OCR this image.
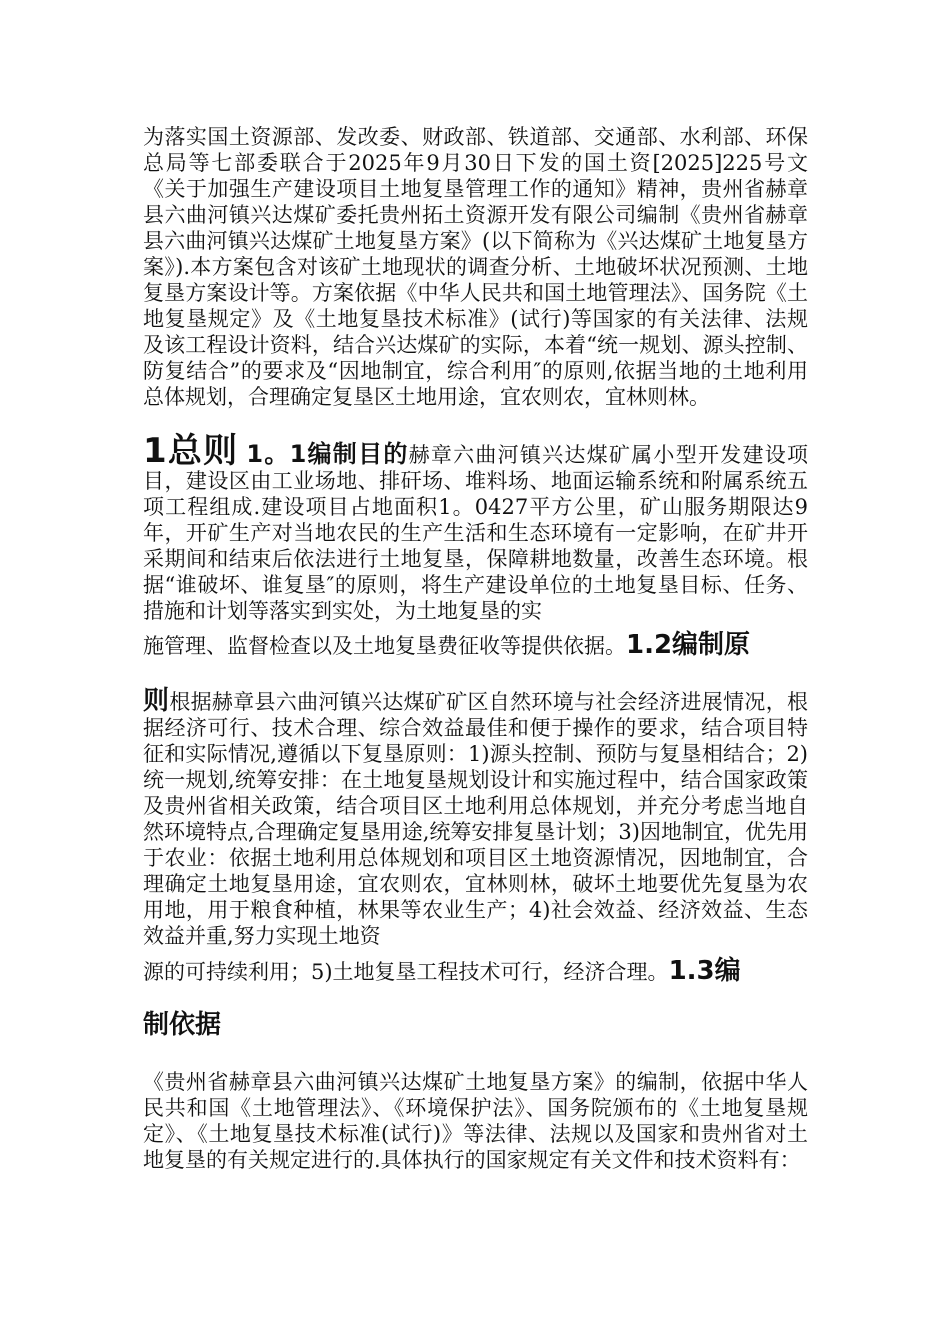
为落实国土资源部、发改委、财政部、铁道部、交通部、水利部、环保总局等七部委联合于2025年9月30日下发的国土资[2025]225号文《关于加强生产建设项目土地复垦管理工作的通知》精神，贵州省赫章县六曲河镇兴达煤矿委托贵州拓土资源开发有限公司编制《贵州省赫章县六曲河镇兴达煤矿土地复垦方案》(以下简称为《兴达煤矿土地复垦方案》).本方案包含对该矿土地现状的调查分析、土地破坏状况预测、土地复垦方案设计等。方案依据《中华人民共和国土地管理法》、国务院《土地复垦规定》及《土地复垦技术标准》(试行)等国家的有关法律、法规及该工程设计资料，结合兴达煤矿的实际，本着“统一规划、源头控制、防复结合”的要求及“因地制宜，综合利用″的原则,依据当地的土地利用总体规划，合理确定复垦区土地用途，宜农则农，宜林则林。

1总则 1。1编制目的赫章六曲河镇兴达煤矿属小型开发建设项目，建设区由工业场地、排矸场、堆料场、地面运输系统和附属系统五项工程组成.建设项目占地面积1。0427平方公里，矿山服务期限达9年，开矿生产对当地农民的生产生活和生态环境有一定影响，在矿井开采期间和结束后依法进行土地复垦，保障耕地数量，改善生态环境。根据“谁破坏、谁复垦″的原则，将生产建设单位的土地复垦目标、任务、措施和计划等落实到实处，为土地复垦的实

施管理、监督检查以及土地复垦费征收等提供依据。1.2编制原

则根据赫章县六曲河镇兴达煤矿矿区自然环境与社会经济进展情况，根据经济可行、技术合理、综合效益最佳和便于操作的要求，结合项目特征和实际情况,遵循以下复垦原则：1)源头控制、预防与复垦相结合；2)统一规划,统筹安排：在土地复垦规划设计和实施过程中，结合国家政策及贵州省相关政策，结合项目区土地利用总体规划，并充分考虑当地自然环境特点,合理确定复垦用途,统筹安排复垦计划；3)因地制宜，优先用于农业：依据土地利用总体规划和项目区土地资源情况，因地制宜，合理确定土地复垦用途，宜农则农，宜林则林，破坏土地要优先复垦为农用地，用于粮食种植，林果等农业生产；4)社会效益、经济效益、生态效益并重,努力实现土地资

源的可持续利用；5)土地复垦工程技术可行，经济合理。1.3编
制依据

《贵州省赫章县六曲河镇兴达煤矿土地复垦方案》的编制，依据中华人民共和国《土地管理法》、《环境保护法》、国务院颁布的《土地复垦规定》、《土地复垦技术标准(试行)》等法律、法规以及国家和贵州省对土地复垦的有关规定进行的.具体执行的国家规定有关文件和技术资料有：
